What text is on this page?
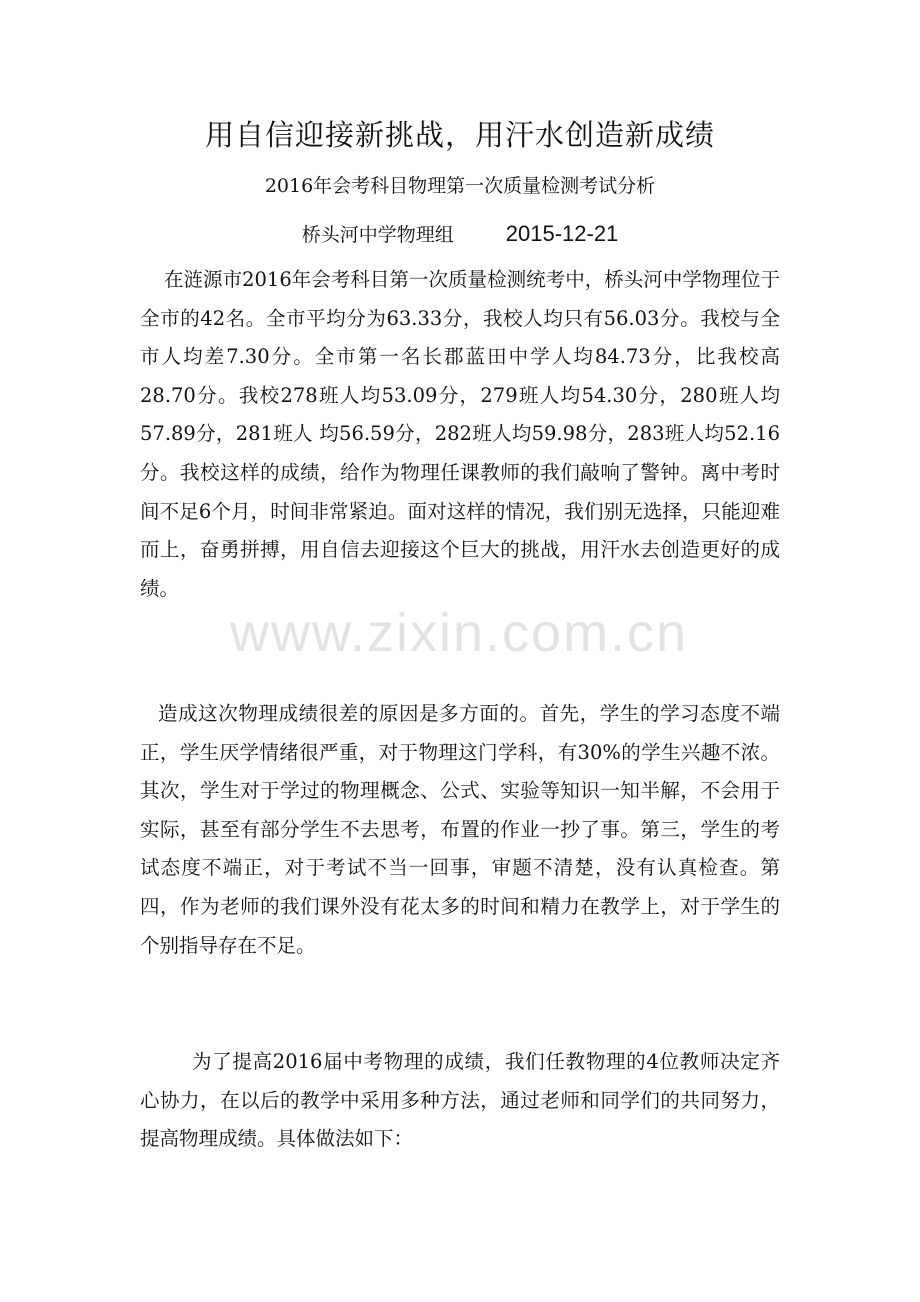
用自信迎接新挑战，用汗水创造新成绩

2016年会考科目物理第一次质量检测考试分析

桥头河中学物理组 2015-12-21

在涟源市2016年会考科目第一次质量检测统考中，桥头河中学物理位于全市的42名。全市平均分为63.33分，我校人均只有56.03分。我校与全市人均差7.30分。全市第一名长郡蓝田中学人均84.73分，比我校高28.70分。我校278班人均53.09分，279班人均54.30分，280班人均57.89分，281班人 均56.59分，282班人均59.98分，283班人均52.16分。我校这样的成绩，给作为物理任课教师的我们敲响了警钟。离中考时间不足6个月，时间非常紧迫。面对这样的情况，我们别无选择，只能迎难而上，奋勇拼搏，用自信去迎接这个巨大的挑战，用汗水去创造更好的成绩。

造成这次物理成绩很差的原因是多方面的。首先，学生的学习态度不端正，学生厌学情绪很严重，对于物理这门学科，有30%的学生兴趣不浓。其次，学生对于学过的物理概念、公式、实验等知识一知半解，不会用于实际，甚至有部分学生不去思考，布置的作业一抄了事。第三，学生的考试态度不端正，对于考试不当一回事，审题不清楚，没有认真检查。第四，作为老师的我们课外没有花太多的时间和精力在教学上，对于学生的个别指导存在不足。

为了提高2016届中考物理的成绩，我们任教物理的4位教师决定齐心协力，在以后的教学中采用多种方法，通过老师和同学们的共同努力，提高物理成绩。具体做法如下：

www.zixin.com.cn
